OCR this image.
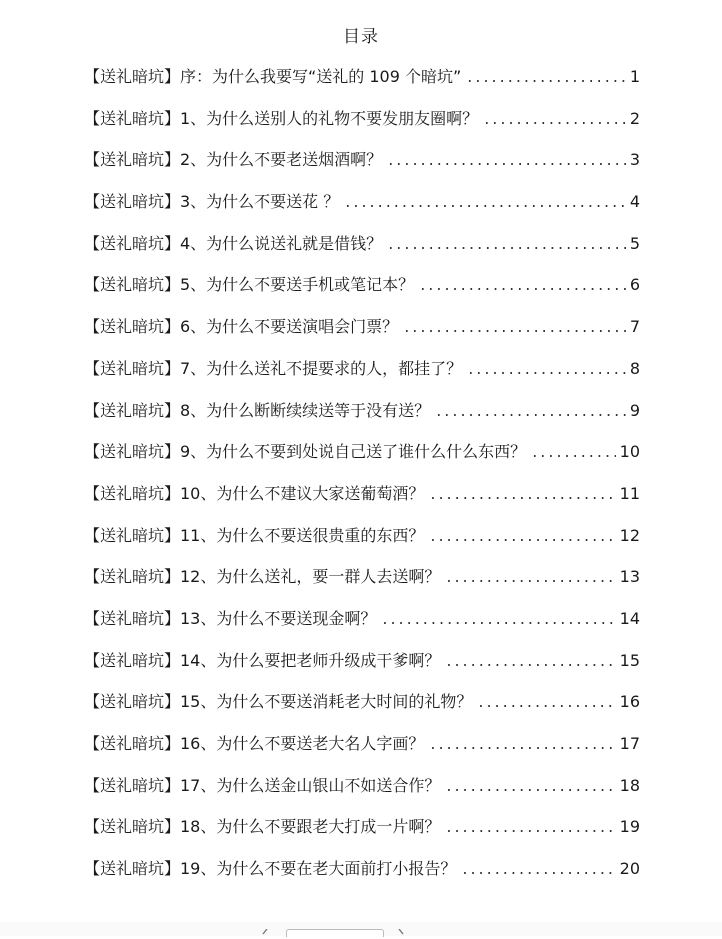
目录
【送礼暗坑】序：为什么我要写“送礼的 109 个暗坑” .....	1
【送礼暗坑】1、为什么送别人的礼物不要发朋友圈啊？ .....	2
【送礼暗坑】2、为什么不要老送烟酒啊？ .....	3
【送礼暗坑】3、为什么不要送花 ？ .....	4
【送礼暗坑】4、为什么说送礼就是借钱？ .....	5
【送礼暗坑】5、为什么不要送手机或笔记本？ .....	6
【送礼暗坑】6、为什么不要送演唱会门票？ .....	7
【送礼暗坑】7、为什么送礼不提要求的人，都挂了？ .....	8
【送礼暗坑】8、为什么断断续续送等于没有送？ .....	9
【送礼暗坑】9、为什么不要到处说自己送了谁什么什么东西？ .....	10
【送礼暗坑】10、为什么不建议大家送葡萄酒？ .....	11
【送礼暗坑】11、为什么不要送很贵重的东西？ .....	12
【送礼暗坑】12、为什么送礼，要一群人去送啊？ .....	13
【送礼暗坑】13、为什么不要送现金啊？ .....	14
【送礼暗坑】14、为什么要把老师升级成干爹啊？ .....	15
【送礼暗坑】15、为什么不要送消耗老大时间的礼物？ .....	16
【送礼暗坑】16、为什么不要送老大名人字画？ .....	17
【送礼暗坑】17、为什么送金山银山不如送合作？ .....	18
【送礼暗坑】18、为什么不要跟老大打成一片啊？ .....	19
【送礼暗坑】19、为什么不要在老大面前打小报告？ .....	20
